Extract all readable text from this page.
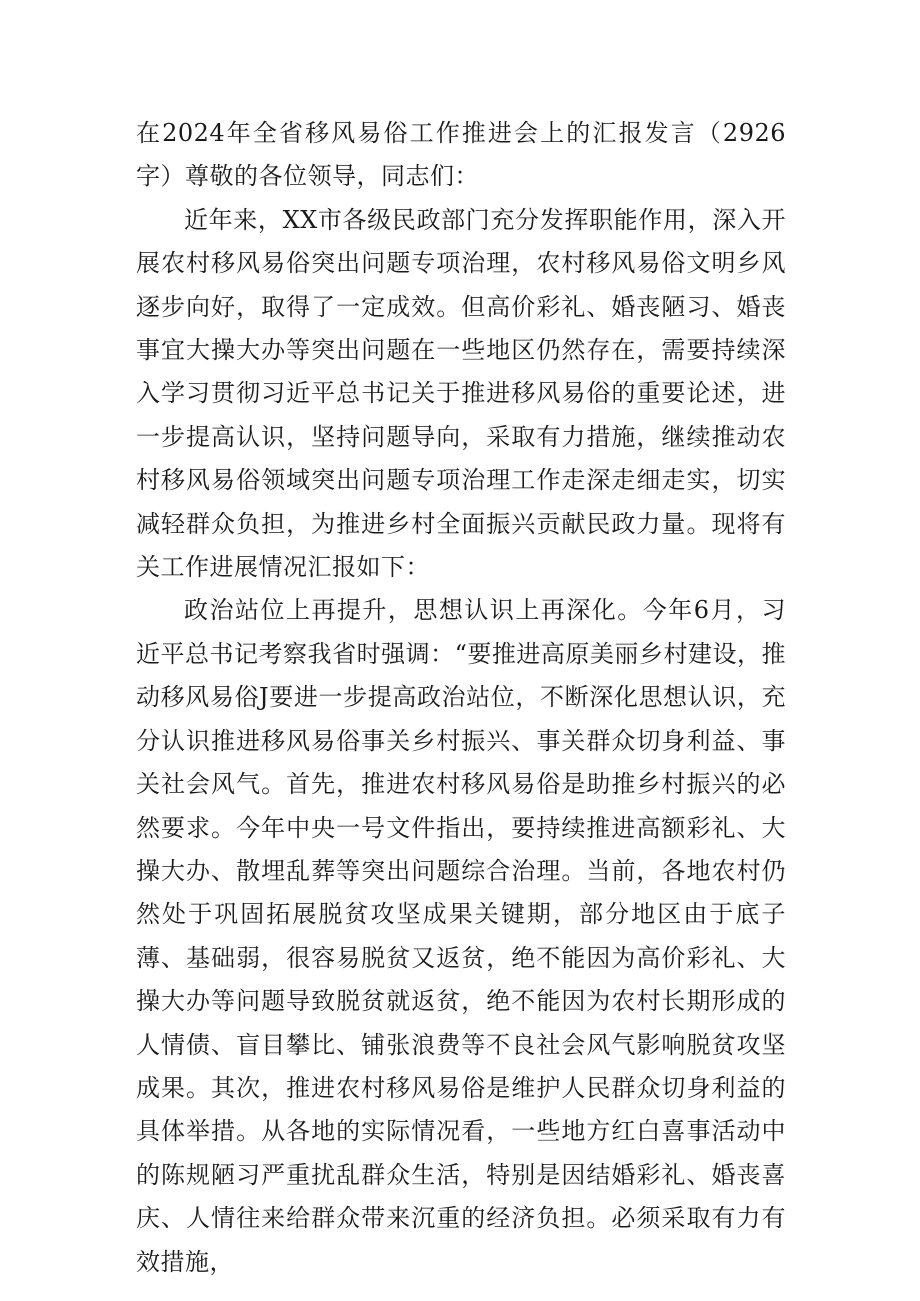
在2024年全省移风易俗工作推进会上的汇报发言（2926字）尊敬的各位领导，同志们：

近年来，XX市各级民政部门充分发挥职能作用，深入开展农村移风易俗突出问题专项治理，农村移风易俗文明乡风逐步向好，取得了一定成效。但高价彩礼、婚丧陋习、婚丧事宜大操大办等突出问题在一些地区仍然存在，需要持续深入学习贯彻习近平总书记关于推进移风易俗的重要论述，进一步提高认识，坚持问题导向，采取有力措施，继续推动农村移风易俗领域突出问题专项治理工作走深走细走实，切实减轻群众负担，为推进乡村全面振兴贡献民政力量。现将有关工作进展情况汇报如下：

政治站位上再提升，思想认识上再深化。今年6月，习近平总书记考察我省时强调：“要推进高原美丽乡村建设，推动移风易俗J要进一步提高政治站位，不断深化思想认识，充分认识推进移风易俗事关乡村振兴、事关群众切身利益、事关社会风气。首先，推进农村移风易俗是助推乡村振兴的必然要求。今年中央一号文件指出，要持续推进高额彩礼、大操大办、散埋乱葬等突出问题综合治理。当前，各地农村仍然处于巩固拓展脱贫攻坚成果关键期，部分地区由于底子薄、基础弱，很容易脱贫又返贫，绝不能因为高价彩礼、大操大办等问题导致脱贫就返贫，绝不能因为农村长期形成的人情债、盲目攀比、铺张浪费等不良社会风气影响脱贫攻坚成果。其次，推进农村移风易俗是维护人民群众切身利益的具体举措。从各地的实际情况看，一些地方红白喜事活动中的陈规陋习严重扰乱群众生活，特别是因结婚彩礼、婚丧喜庆、人情往来给群众带来沉重的经济负担。必须采取有力有效措施，
